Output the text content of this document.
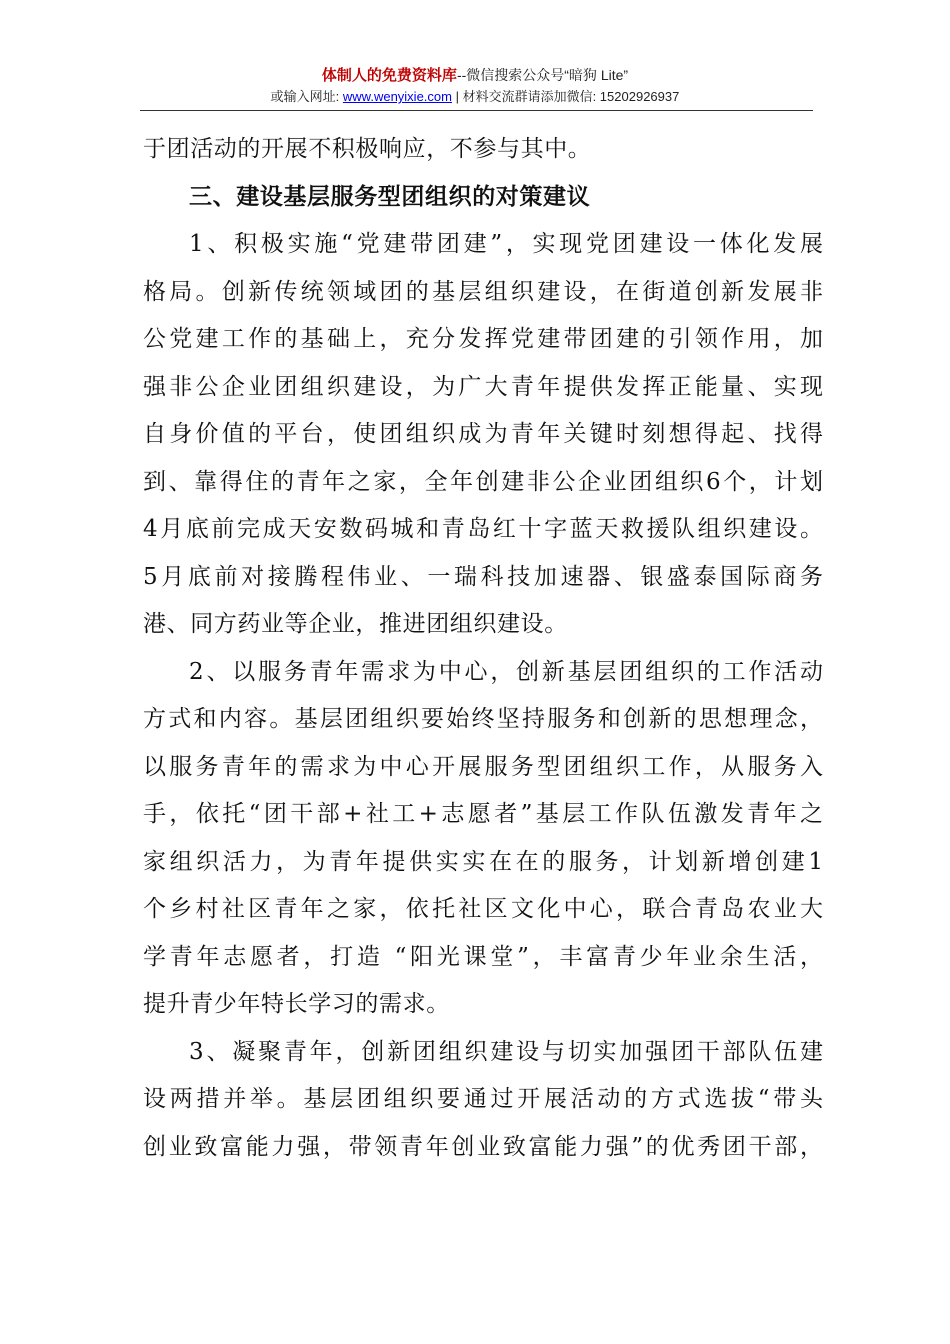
体制人的免费资料库--微信搜索公众号“暗狗 Lite”
或输入网址: www.wenyixie.com | 材料交流群请添加微信: 15202926937
于团活动的开展不积极响应，不参与其中。
三、建设基层服务型团组织的对策建议
1、积极实施“党建带团建”，实现党团建设一体化发展
格局。创新传统领域团的基层组织建设，在街道创新发展非
公党建工作的基础上，充分发挥党建带团建的引领作用，加
强非公企业团组织建设，为广大青年提供发挥正能量、实现
自身价值的平台，使团组织成为青年关键时刻想得起、找得
到、靠得住的青年之家，全年创建非公企业团组织6个，计划
4月底前完成天安数码城和青岛红十字蓝天救援队组织建设。
5月底前对接腾程伟业、一瑞科技加速器、银盛泰国际商务
港、同方药业等企业，推进团组织建设。
2、以服务青年需求为中心，创新基层团组织的工作活动
方式和内容。基层团组织要始终坚持服务和创新的思想理念，
以服务青年的需求为中心开展服务型团组织工作，从服务入
手，依托“团干部+社工+志愿者”基层工作队伍激发青年之
家组织活力，为青年提供实实在在的服务，计划新增创建1
个乡村社区青年之家，依托社区文化中心，联合青岛农业大
学青年志愿者，打造 “阳光课堂”，丰富青少年业余生活，
提升青少年特长学习的需求。
3、凝聚青年，创新团组织建设与切实加强团干部队伍建
设两措并举。基层团组织要通过开展活动的方式选拔“带头
创业致富能力强，带领青年创业致富能力强”的优秀团干部，
